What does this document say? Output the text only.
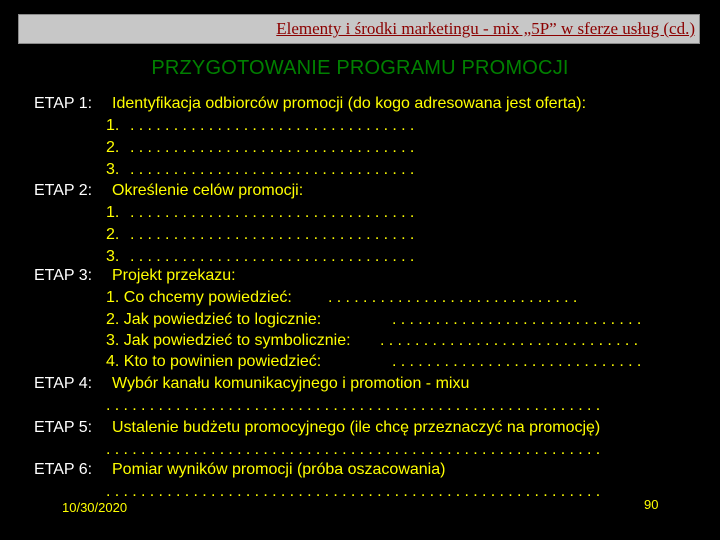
Elementy i środki marketingu - mix „5P” w sferze usług (cd.)
PRZYGOTOWANIE PROGRAMU PROMOCJI
ETAP 1: Identyfikacja odbiorców promocji (do kogo adresowana jest oferta):
1. .................................
2. .................................
3. .................................
ETAP 2: Określenie celów promocji:
1. .................................
2. .................................
3. .................................
ETAP 3: Projekt przekazu:
1. Co chcemy powiedzieć: .............................
2. Jak powiedzieć to logicznie:	.............................
3. Jak powiedzieć to symbolicznie: ..............................
4. Kto to powinien powiedzieć:	.............................
ETAP 4: Wybór kanału komunikacyjnego i promotion - mixu
.........................................................
ETAP 5: Ustalenie budżetu promocyjnego (ile chcę przeznaczyć na promocję)
.........................................................
ETAP 6: Pomiar wyników promocji (próba oszacowania)
.........................................................
10/30/2020	90
